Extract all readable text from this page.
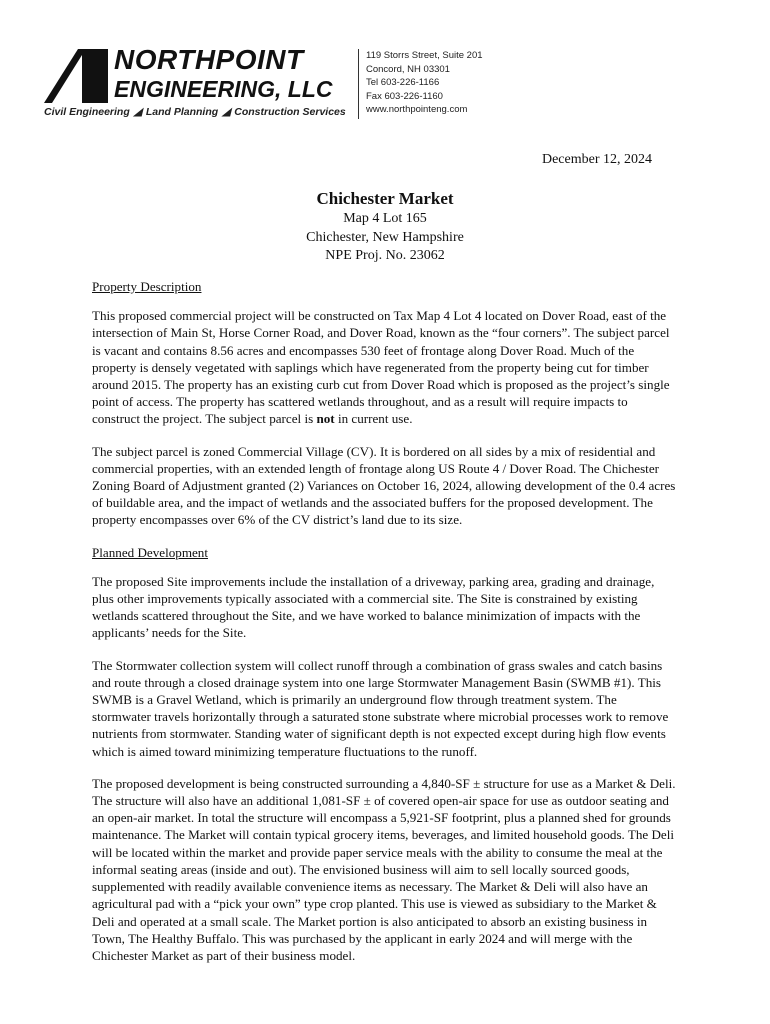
NORTHPOINT
ENGINEERING, LLC
Civil Engineering ◢ Land Planning ◢ Construction Services
119 Storrs Street, Suite 201
Concord, NH 03301
Tel 603-226-1166
Fax 603-226-1160
www.northpointeng.com
December 12, 2024
Chichester Market
Map 4 Lot 165
Chichester, New Hampshire
NPE Proj. No. 23062
Property Description

This proposed commercial project will be constructed on Tax Map 4 Lot 4 located on Dover Road, east of the intersection of Main St, Horse Corner Road, and Dover Road, known as the “four corners”. The subject parcel is vacant and contains 8.56 acres and encompasses 530 feet of frontage along Dover Road. Much of the property is densely vegetated with saplings which have regenerated from the property being cut for timber around 2015. The property has an existing curb cut from Dover Road which is proposed as the project’s single point of access. The property has scattered wetlands throughout, and as a result will require impacts to construct the project. The subject parcel is not in current use.

The subject parcel is zoned Commercial Village (CV). It is bordered on all sides by a mix of residential and commercial properties, with an extended length of frontage along US Route 4 / Dover Road. The Chichester Zoning Board of Adjustment granted (2) Variances on October 16, 2024, allowing development of the 0.4 acres of buildable area, and the impact of wetlands and the associated buffers for the proposed development. The property encompasses over 6% of the CV district’s land due to its size.

Planned Development

The proposed Site improvements include the installation of a driveway, parking area, grading and drainage, plus other improvements typically associated with a commercial site. The Site is constrained by existing wetlands scattered throughout the Site, and we have worked to balance minimization of impacts with the applicants’ needs for the Site.

The Stormwater collection system will collect runoff through a combination of grass swales and catch basins and route through a closed drainage system into one large Stormwater Management Basin (SWMB #1). This SWMB is a Gravel Wetland, which is primarily an underground flow through treatment system. The stormwater travels horizontally through a saturated stone substrate where microbial processes work to remove nutrients from stormwater. Standing water of significant depth is not expected except during high flow events which is aimed toward minimizing temperature fluctuations to the runoff.

The proposed development is being constructed surrounding a 4,840-SF ± structure for use as a Market & Deli. The structure will also have an additional 1,081-SF ± of covered open-air space for use as outdoor seating and an open-air market. In total the structure will encompass a 5,921-SF footprint, plus a planned shed for grounds maintenance. The Market will contain typical grocery items, beverages, and limited household goods. The Deli will be located within the market and provide paper service meals with the ability to consume the meal at the informal seating areas (inside and out). The envisioned business will aim to sell locally sourced goods, supplemented with readily available convenience items as necessary. The Market & Deli will also have an agricultural pad with a “pick your own” type crop planted. This use is viewed as subsidiary to the Market & Deli and operated at a small scale. The Market portion is also anticipated to absorb an existing business in Town, The Healthy Buffalo. This was purchased by the applicant in early 2024 and will merge with the Chichester Market as part of their business model.
